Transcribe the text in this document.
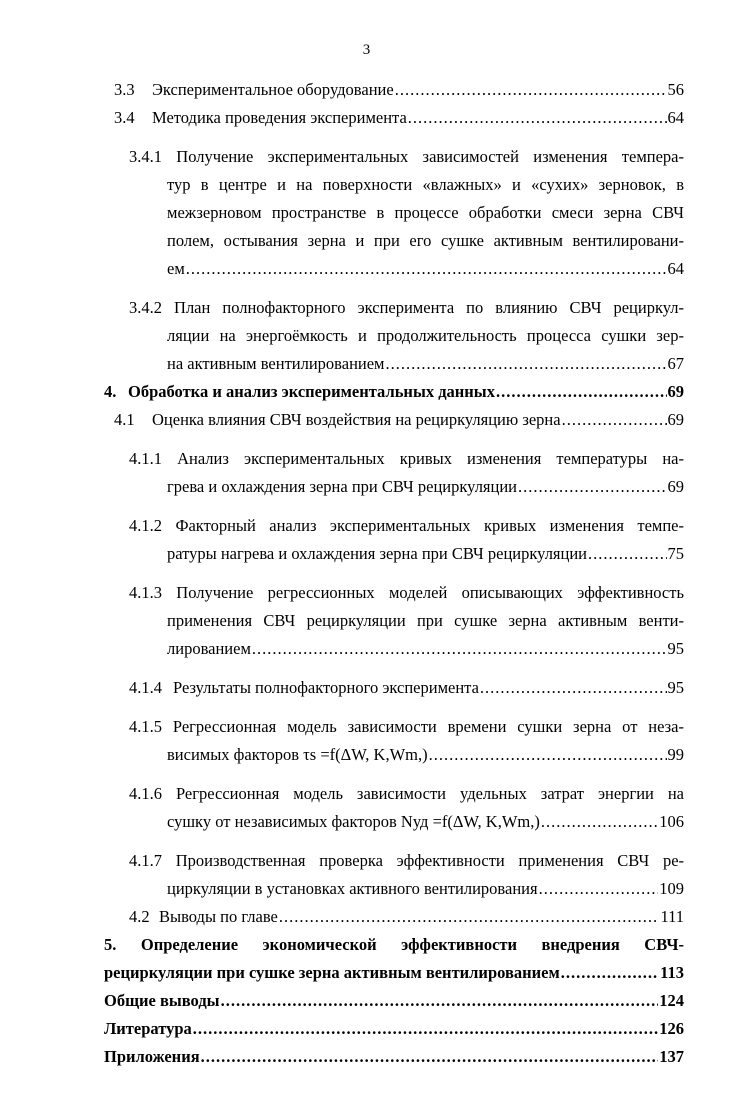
3
3.3	Экспериментальное оборудование .....	56
3.4	Методика проведения эксперимента .....	64
3.4.1 Получение экспериментальных зависимостей изменения темпера-
тур в центре и на поверхности «влажных» и «сухих» зерновок, в
межзерновом пространстве в процессе обработки смеси зерна СВЧ
полем, остывания зерна и при его сушке активным вентилировани-
ем .....	64
3.4.2 План полнофакторного эксперимента по влиянию СВЧ рециркул-
ляции на энергоёмкость и продолжительность процесса сушки зер-
на активным вентилированием .....	67
4. Обработка и анализ экспериментальных данных .....	69
4.1	Оценка влияния СВЧ воздействия на рециркуляцию зерна .....	69
4.1.1 Анализ экспериментальных кривых изменения температуры на-
грева и охлаждения зерна при СВЧ рециркуляции .....	69
4.1.2 Факторный анализ экспериментальных кривых изменения темпе-
ратуры нагрева и охлаждения зерна при СВЧ рециркуляции .....	75
4.1.3 Получение регрессионных моделей описывающих эффективность
применения СВЧ рециркуляции при сушке зерна активным венти-
лированием .....	95
4.1.4 Результаты полнофакторного эксперимента .....	95
4.1.5 Регрессионная модель зависимости времени сушки зерна от неза-
висимых факторов τs =f(ΔW, K,Wm,) .....	99
4.1.6 Регрессионная модель зависимости удельных затрат энергии на
сушку от независимых факторов Nуд =f(ΔW, K,Wm,) .....	106
4.1.7 Производственная проверка эффективности применения СВЧ ре-
циркуляции в установках активного вентилирования .....	109
4.2 Выводы по главе .....	111
5. Определение экономической эффективности внедрения СВЧ-
рециркуляции при сушке зерна активным вентилированием .....	113
Общие выводы .....	124
Литература .....	126
Приложения .....	137
